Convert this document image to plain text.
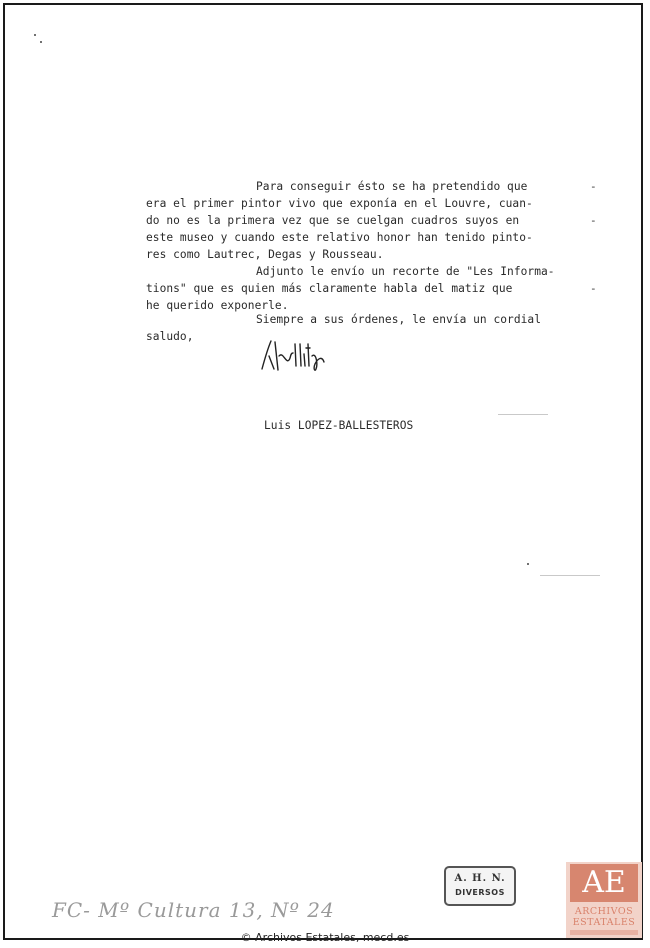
Para conseguir ésto se ha pretendido que	-
era el primer pintor vivo que exponía en el Louvre, cuan-
do no es la primera vez que se cuelgan cuadros suyos en	-
este museo y cuando este relativo honor han tenido pinto-
res como Lautrec, Degas y Rousseau.
Adjunto le envío un recorte de "Les Informa-
tions" que es quien más claramente habla del matiz que	-
he querido exponerle.
Siempre a sus órdenes, le envía un cordial
saludo,
Luis LOPEZ-BALLESTEROS
A. H. N.
DIVERSOS
FC- Mº Cultura 13, Nº 24
AE
ARCHIVOS
ESTATALES
© Archivos Estatales, mecd.es
